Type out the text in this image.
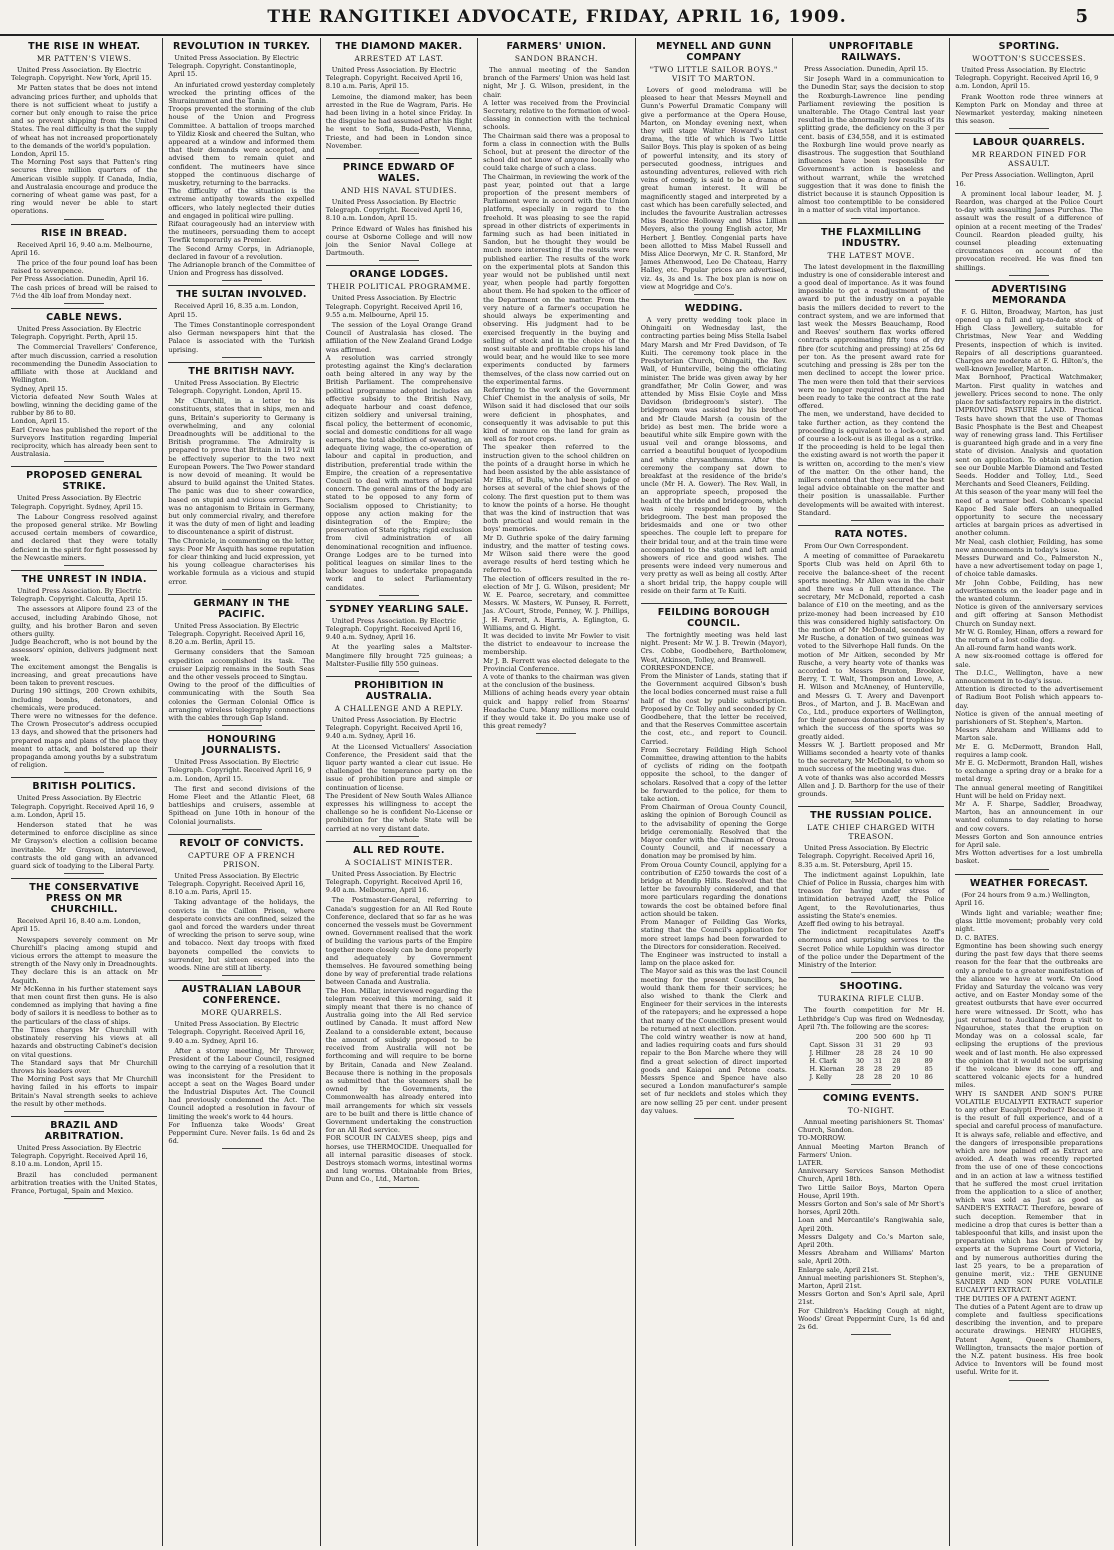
THE RANGITIKEI ADVOCATE, FRIDAY, APRIL 16, 1909.	5
THE RISE IN WHEAT.
MR PATTEN'S VIEWS.

United Press Association. By Electric Telegraph. Copyright. New York, April 15.

Mr Patten states that be does not intend advancing prices further, and upholds that there is not sufficient wheat to justify a corner but only enough to raise the price and so prevent shipping from the United States. The real difficulty is that the supply of wheat has not increased proportionately to the demands of the world's population.
London, April 15.
The Morning Post says that Patten's ring secures three million quarters of the American visible supply. If Canada, India, and Australasia encourage and produce the cornering of wheat game was past, for a ring would never be able to start operations.

RISE IN BREAD.

Received April 16, 9.40 a.m. Melbourne, April 16.

The price of the four pound loaf has been raised to sevenpence.
Per Press Association. Dunedin, April 16.
The cash prices of bread will be raised to 7½d the 4lb loaf from Monday next.

CABLE NEWS.

United Press Association. By Electric Telegraph. Copyright. Perth, April 15.

The Commercial Travellers' Conference, after much discussion, carried a resolution recommending the Dunedin Association to affiliate with those at Auckland and Wellington.
Sydney, April 15.
Victoria defeated New South Wales at bowling, winning the deciding game of the rubber by 86 to 80.
London, April 15.
Earl Crewe has published the report of the Surveyors Institution regarding Imperial reciprocity, which has already been sent to Australasia.

PROPOSED GENERAL STRIKE.

United Press Association. By Electric Telegraph. Copyright. Sydney, April 15.

The Labour Congress resolved against the proposed general strike. Mr Bowling accused certain members of cowardice, and declared that they were totally deficient in the spirit for fight possessed by the Newcastle miners.

THE UNREST IN INDIA.

United Press Association. By Electric Telegraph. Copyright. Calcutta, April 15.

The assessors at Alipore found 23 of the accused, including Arabindo Ghose, not guilty, and his brother Baron and seven others guilty.
Judge Beachcroft, who is not bound by the assessors' opinion, delivers judgment next week.
The excitement amongst the Bengalis is increasing, and great precautions have been taken to prevent rescues.
During 190 sittings, 200 Crown exhibits, including bombs, detonators, and chemicals, were produced.
There were no witnesses for the defence. The Crown Prosecutor's address occupied 13 days, and showed that the prisoners had prepared maps and plans of the place they meant to attack, and bolstered up their propaganda among youths by a substratum of religion.

BRITISH POLITICS.

United Press Association. By Electric Telegraph. Copyright. Received April 16, 9 a.m. London, April 15.

Henderson stated that he was determined to enforce discipline as since Mr Grayson's election a collision became inevitable. Mr Grayson, interviewed, contrasts the old gang with an advanced guard sick of toadying to the Liberal Party.

THE CONSERVATIVE PRESS ON MR CHURCHILL.

Received April 16, 8.40 a.m. London, April 15.

Newspapers severely comment on Mr Churchill's placing among stupid and vicious errors the attempt to measure the strength of the Navy only in Dreadnoughts. They declare this is an attack on Mr Asquith.
Mr McKenna in his further statement says that men count first then guns. He is also condemned as implying that having a fine body of sailors it is needless to bother as to the particulars of the class of ships.
The Times charges Mr Churchill with obstinately reserving his views at all hazards and obstructing Cabinet's decision on vital questions.
The Standard says that Mr Churchill throws his leaders over.
The Morning Post says that Mr Churchill having failed in his efforts to impair Britain's Naval strength seeks to achieve the result by other methods.

BRAZIL AND ARBITRATION.

United Press Association. By Electric Telegraph. Copyright. Received April 16, 8.10 a.m. London, April 15.

Brazil has concluded permanent arbitration treaties with the United States, France, Portugal, Spain and Mexico.

REVOLUTION IN TURKEY.

United Press Association. By Electric Telegraph. Copyright. Constantinople, April 15.

An infuriated crowd yesterday completely wrecked the printing offices of the Shurainummet and the Tanin.
Troops prevented the storming of the club house of the Union and Progress Committee. A battalion of troops marched to Yildiz Kiosk and cheered the Sultan, who appeared at a window and informed them that their demands were accepted, and advised them to remain quiet and confident. The mutineers have since stopped the continuous discharge of musketry, returning to the barracks.
The difficulty of the situation is the extreme antipathy towards the expelled officers, who lately neglected their duties and engaged in political wire pulling.
Rifaat courageously had an interview with the mutineers, persuading them to accept Tewfik temporarily as Premier.
The Second Army Corps, in Adrianople, declared in favour of a revolution.
The Adrianople branch of the Committee of Union and Progress has dissolved.

THE SULTAN INVOLVED.

Received April 16, 8.35 a.m. London, April 15.

The Times Constantinople correspondent also German newspapers hint that the Palace is associated with the Turkish uprising.

THE BRITISH NAVY.

United Press Association. By Electric Telegraph. Copyright. London, April 15.

Mr Churchill, in a letter to his constituents, states that in ships, men and guns, Britain's superiority to Germany is overwhelming, and any colonial Dreadnoughts will be additional to the British programme. The Admiralty is prepared to prove that Britain in 1912 will be effectively superior to the two next European Powers. The Two Power standard is now devoid of meaning. It would be absurd to build against the United States. The panic was due to sheer cowardice, based on stupid and vicious errors. There was no antagonism to Britain in Germany, but only commercial rivalry, and therefore it was the duty of men of light and leading to discountenance a spirit of distrust.
The Chronicle, in commenting on the letter, says: Poor Mr Asquith has some reputation for clear thinking and lucid expression, yet his young colleague characterises his workable formula as a vicious and stupid error.

GERMANY IN THE PACIFIC.

United Press Association. By Electric Telegraph. Copyright. Received April 16, 8.20 a.m. Berlin, April 15.

Germany considers that the Samoan expedition accomplished its task. The cruiser Leipzig remains in the South Seas and the other vessels proceed to Singtau.
Owing to the proof of the difficulties of communicating with the South Sea colonies the German Colonial Office is arranging wireless telegraphy connections with the cables through Gap Island.

HONOURING JOURNALISTS.

United Press Association. By Electric Telegraph. Copyright. Received April 16, 9 a.m. London, April 15.

The first and second divisions of the Home Fleet and the Atlantic Fleet, 68 battleships and cruisers, assemble at Spithead on June 10th in honour of the Colonial journalists.

REVOLT OF CONVICTS.
CAPTURE OF A FRENCH PRISON.

United Press Association. By Electric Telegraph. Copyright. Received April 16, 8.10 a.m. Paris, April 15.

Taking advantage of the holidays, the convicts in the Caillon Prison, where desperate convicts are confined, seized the gaol and forced the warders under threat of wrecking the prison to serve soup, wine and tobacco. Next day troops with fixed bayonets compelled the convicts to surrender, but sixteen escaped into the woods. Nine are still at liberty.

AUSTRALIAN LABOUR CONFERENCE.
MORE QUARRELS.

United Press Association. By Electric Telegraph. Copyright. Received April 16, 9.40 a.m. Sydney, April 16.

After a stormy meeting, Mr Thrower, President of the Labour Council, resigned owing to the carrying of a resolution that it was inconsistent for the President to accept a seat on the Wages Board under the Industrial Disputes Act. The Council had previously condemned the Act. The Council adopted a resolution in favour of limiting the week's work to 44 hours.
For Influenza take Woods' Great Peppermint Cure. Never fails. 1s 6d and 2s 6d.

THE DIAMOND MAKER.
ARRESTED AT LAST.

United Press Association. By Electric Telegraph. Copyright. Received April 16, 8.10 a.m. Paris, April 15.

Lemoine, the diamond maker, has been arrested in the Rue de Wagram, Paris. He had been living in a hotel since Friday. In the disguise he had assumed after his flight he went to Sofia, Buda-Pesth, Vienna, Trieste, and had been in London since November.

PRINCE EDWARD OF WALES.
AND HIS NAVAL STUDIES.

United Press Association. By Electric Telegraph. Copyright. Received April 16, 8.10 a.m. London, April 15.

Prince Edward of Wales has finished his course at Osborne College and will now join the Senior Naval College at Dartmouth.

ORANGE LODGES.
THEIR POLITICAL PROGRAMME.

United Press Association. By Electric Telegraph. Copyright. Received April 16, 9.55 a.m. Melbourne, April 15.

The session of the Loyal Orange Grand Council of Australasia has closed. The affiliation of the New Zealand Grand Lodge was affirmed.
A resolution was carried strongly protesting against the King's declaration oath being altered in any way by the British Parliament. The comprehensive political programme adopted includes an effective subsidy to the British Navy, adequate harbour and coast defence, citizen soldiery and universal training, fiscal policy, the betterment of economic, social and domestic conditions for all wage earners, the total abolition of sweating, an adequate living wage, the co-operation of labour and capital in production, and distribution, preferential trade within the Empire, the creation of a representative Council to deal with matters of Imperial concern. The general aims of the body are stated to be opposed to any form of Socialism opposed to Christianity; to oppose any action making for the disintegration of the Empire; the preservation of State rights; rigid exclusion from civil administration of all denominational recognition and influence. Orange Lodges are to be turned into political leagues on similar lines to the labour leagues to undertake propaganda work and to select Parliamentary candidates.

SYDNEY YEARLING SALE.

United Press Association. By Electric Telegraph. Copyright. Received April 16, 9.40 a.m. Sydney, April 16.

At the yearling sales a Maltster-Mangimere filly brought 725 guineas; a Maltster-Fusilie filly 550 guineas.

PROHIBITION IN AUSTRALIA.
A CHALLENGE AND A REPLY.

United Press Association. By Electric Telegraph. Copyright. Received April 16, 9.40 a.m. Sydney, April 16.

At the Licensed Victuallers' Association Conference, the President said that the liquor party wanted a clear cut issue. He challenged the temperance party on the issue of prohibition pure and simple or continuation of license.
The President of New South Wales Alliance expresses his willingness to accept the challenge so he is confident No-License or prohibition for the whole State will be carried at no very distant date.

ALL RED ROUTE.
A SOCIALIST MINISTER.

United Press Association. By Electric Telegraph. Copyright. Received April 16, 9.40 a.m. Melbourne, April 16.

The Postmaster-General, referring to Canada's suggestion for an All Red Route Conference, declared that so far as he was concerned the vessels must be Government owned. Government realised that the work of building the various parts of the Empire together more closely can be done properly and adequately by Government themselves. He favoured something being done by way of preferential trade relations between Canada and Australia.
The Hon. Millar, interviewed regarding the telegram received this morning, said it simply meant that there is no chance of Australia going into the All Red service outlined by Canada. It must afford New Zealand to a considerable extent, because the amount of subsidy proposed to be received from Australia will not be forthcoming and will require to be borne by Britain, Canada and New Zealand. Because there is nothing in the proposals as submitted that the steamers shall be owned by the Governments, the Commonwealth has already entered into mail arrangements for which six vessels are to be built and there is little chance of Government undertaking the construction for an All Red service.
FOR SCOUR IN CALVES sheep, pigs and horses, use THERMOCIDE. Unequalled for all internal parasitic diseases of stock. Destroys stomach worms, intestinal worms and lung worms. Obtainable from Bries, Dunn and Co., Ltd., Marton.

FARMERS' UNION.
SANDON BRANCH.

The annual meeting of the Sandon branch of the Farmers' Union was held last night, Mr J. G. Wilson, president, in the chair.
A letter was received from the Provincial Secretary, relative to the formation of wool-classing in connection with the technical schools.
The Chairman said there was a proposal to form a class in connection with the Bulls School, but at present the director of the school did not know of anyone locally who could take charge of such a class.
The Chairman, in reviewing the work of the past year, pointed out that a large proportion of the present members of Parliament were in accord with the Union platform, especially in regard to the freehold. It was pleasing to see the rapid spread in other districts of experiments in farming such as had been initiated in Sandon, but he thought they would be much more interesting if the results were published earlier. The results of the work on the experimental plots at Sandon this year would not be published until next year, when people had partly forgotten about them. He had spoken to the officer of the Department on the matter. From the very nature of a farmer's occupation he should always be experimenting and observing. His judgment had to be exercised frequently in the buying and selling of stock and in the choice of the most suitable and profitable crops his land would bear, and he would like to see more experiments conducted by farmers themselves, of the class now carried out on the experimental farms.
Referring to the work of the Government Chief Chemist in the analysis of soils, Mr Wilson said it had disclosed that our soils were deficient in phosphates, and consequently it was advisable to put this kind of manure on the land for grain as well as for root crops.
The speaker then referred to the instruction given to the school children on the points of a draught horse in which he had been assisted by the able assistance of Mr Ellis, of Bulls, who had been judge of horses at several of the chief shows of the colony. The first question put to them was to know the points of a horse. He thought that was the kind of instruction that was both practical and would remain in the boys' memories.
Mr D. Guthrie spoke of the dairy farming industry, and the matter of testing cows. Mr Wilson said there were the good average results of herd testing which he referred to.
The election of officers resulted in the re-election of Mr J. G. Wilson, president; Mr W. E. Pearce, secretary, and committee Messrs. W. Masters, W. Punsey, R. Ferrett, Jas. A'Court, Strode, Penney, W. J. Phillips, J. H. Ferrett, A. Harris, A. Eglington, G. Williams, and G. Hight.
It was decided to invite Mr Fowler to visit the district to endeavour to increase the membership.
Mr J. B. Ferrett was elected delegate to the Provincial Conference.
A vote of thanks to the chairman was given at the conclusion of the business.
Millions of aching heads every year obtain quick and happy relief from Stearns' Headache Cure. Many millions more could if they would take it. Do you make use of this great remedy?

MEYNELL AND GUNN COMPANY
"TWO LITTLE SAILOR BOYS." VISIT TO MARTON.

Lovers of good melodrama will be pleased to hear that Messrs Meynell and Gunn's Powerful Dramatic Company will give a performance at the Opera House, Marton, on Monday evening next, when they will stage Walter Howard's latest drama, the title of which is Two Little Sailor Boys. This play is spoken of as being of powerful intensity, and its story of persecuted goodness, intrigues and astounding adventures, relieved with rich veins of comedy, is said to be a drama of great human interest. It will be magnificently staged and interpreted by a cast which has been carefully selected, and includes the favourite Australian actresses Miss Beatrice Holloway and Miss Lillian Meyers, also the young English actor, Mr Herbert J. Bentley. Congenial parts have been allotted to Miss Mabel Russell and Miss Alice Deorwyn, Mr C. R. Stanford, Mr James Athenwood, Leo De Chateau, Harry Halley, etc. Popular prices are advertised, viz. 4s, 3s and 1s. The box plan is now on view at Mogridge and Co's.

WEDDING.

A very pretty wedding took place in Ohingaiti on Wednesday last, the contracting parties being Miss Stella Isabel Mary Marsh and Mr Fred Davidson, of Te Kuiti. The ceremony took place in the Presbyterian Church, Ohingaiti, the Rev. Wall, of Hunterville, being the officiating minister. The bride was given away by her grandfather, Mr Colin Gower, and was attended by Miss Elsie Coyle and Miss Davidson (bridegroom's sister). The bridegroom was assisted by his brother and Mr Claude Marsh (a cousin of the bride) as best men. The bride wore a beautiful white silk Empire gown with the usual veil and orange blossoms, and carried a beautiful bouquet of lycopodium and white chrysanthemums. After the ceremony the company sat down to breakfast at the residence of the bride's uncle (Mr H. A. Gower). The Rev. Wall, in an appropriate speech, proposed the health of the bride and bridegroom, which was nicely responded to by the bridegroom. The best man proposed the bridesmaids and one or two other speeches. The couple left to prepare for their bridal tour, and at the train time were accompanied to the station and left amid showers of rice and good wishes. The presents were indeed very numerous and very pretty as well as being all costly. After a short bridal trip, the happy couple will reside on their farm at Te Kuiti.

FEILDING BOROUGH COUNCIL.

The fortnightly meeting was held last night. Present: Mr W. J. B. Trewin (Mayor), Crs. Cobbe, Goodbehere, Bartholomew, West, Atkinson, Tolley, and Bramwell.
CORRESPONDENCE.
From the Minister of Lands, stating that if the Government acquired Gibson's bush the local bodies concerned must raise a full half of the cost by public subscription. Proposed by Cr. Tolley and seconded by Cr. Goodbehere, that the letter be received, and that the Reserves Committee ascertain the cost, etc., and report to Council. Carried.
From Secretary Feilding High School Committee, drawing attention to the habits of cyclists of riding on the footpath opposite the school, to the danger of scholars. Resolved that a copy of the letter be forwarded to the police, for them to take action.
From Chairman of Oroua County Council, asking the opinion of Borough Council as to the advisability of opening the Gorge bridge ceremonially. Resolved that the Mayor confer with the Chairman of Oroua County Council, and if necessary a donation may be promised by him.
From Oroua County Council, applying for a contribution of £250 towards the cost of a bridge at Mendip Hills. Resolved that the letter be favourably considered, and that more particulars regarding the donations towards the cost be obtained before final action should be taken.
From Manager of Feilding Gas Works, stating that the Council's application for more street lamps had been forwarded to the Directors for consideration. Received.
The Engineer was instructed to install a lamp on the place asked for.
The Mayor said as this was the last Council meeting for the present Councillors, he would thank them for their services; he also wished to thank the Clerk and Engineer for their services in the interests of the ratepayers; and he expressed a hope that many of the Councillors present would be returned at next election.
The cold wintry weather is now at hand, and ladies requiring coats and furs should repair to the Bon Marche where they will find a great selection of direct imported goods and Kaiapoi and Petone coats. Messrs Spence and Spence have also secured a London manufacturer's sample set of fur necklets and stoles which they are now selling 25 per cent. under present day values.

UNPROFITABLE RAILWAYS.

Press Association. Dunedin, April 15.

Sir Joseph Ward in a communication to the Dunedin Star, says the decision to stop the Roxburgh-Lawrence line pending Parliament reviewing the position is unalterable. The Otago Central last year resulted in the abnormally low results of its splitting grade, the deficiency on the 3 per cent. basis of £34,558, and it is estimated the Roxburgh line would prove nearly as disastrous. The suggestion that Southland influences have been responsible for Government's action is baseless and without warrant, while the wretched suggestion that it was done to finish the district because it is staunch Opposition is almost too contemptible to be considered in a matter of such vital importance.

THE FLAXMILLING INDUSTRY.
THE LATEST MOVE.

The latest development in the flaxmilling industry is one of considerable interest and a good deal of importance. As it was found impossible to get a readjustment of the award to put the industry on a payable basis the millers decided to revert to the contract system, and we are informed that last week the Messrs Beauchamp, Rood and Reeves' southern flax works offered contracts approximating fifty tons of dry fibre (for scutching and pressing) at 25s 6d per ton. As the present award rate for scutching and pressing is 28s per ton the men declined to accept the lower price. The men were then told that their services were no longer required as the firm had been ready to take the contract at the rate offered.
The men, we understand, have decided to take further action, as they contend the proceeding is equivalent to a lock-out, and of course a lock-out is as illegal as a strike. If the proceeding is held to be legal then the existing award is not worth the paper it is written on, according to the men's view of the matter. On the other hand, the millers contend that they secured the best legal advice obtainable on the matter and their position is unassailable. Further developments will be awaited with interest. Standard.

RATA NOTES.

From Our Own Correspondent.

A meeting of committee of Paraekaretu Sports Club was held on April 6th to receive the balance-sheet of the recent sports meeting. Mr Allen was in the chair and there was a full attendance. The secretary, Mr McDonald, reported a cash balance of £10 on the meeting, and as the prize-money had been increased by £10 this was considered highly satisfactory. On the motion of Mr McDonald, seconded by Mr Rusche, a donation of two guineas was voted to the Silverhope Hall funds. On the motion of Mr Aitken, seconded by Mr Rusche, a very hearty vote of thanks was accorded to Messrs Brunton, Brooker, Berry, T. T. Walt, Thompson and Lowe, A. H. Wilson and McAneney, of Hunterville, and Messrs G. T. Avery and Davenport Bros., of Marton, and J. B. MacEwan and Co., Ltd., produce exporters of Wellington, for their generous donations of trophies by which the success of the sports was so greatly aided.
Messrs W. J. Bartlett proposed and Mr Williams seconded a hearty vote of thanks to the secretary, Mr McDonald, to whom so much success of the meeting was due.
A vote of thanks was also accorded Messrs Allen and J. D. Barthorp for the use of their grounds.

THE RUSSIAN POLICE.
LATE CHIEF CHARGED WITH TREASON.

United Press Association. By Electric Telegraph. Copyright. Received April 16, 8.35 a.m. St. Petersburg, April 15.

The indictment against Lopukhin, late Chief of Police in Russia, charges him with treason for having under stress of intimidation betrayed Azeff, the Police Agent, to the Revolutionaries, thus assisting the State's enemies.
Azeff fled owing to his betrayal.
The indictment recapitulates Azeff's enormous and surprising services to the Secret Police while Lopukhin was director of the police under the Department of the Ministry of the Interior.

SHOOTING.
TURAKINA RIFLE CLUB.

The fourth competition for Mr H. Lethbridge's Cup was fired on Wednesday, April 7th. The following are the scores:

	200	500	600	hp	Tl
Capt. Sisson	31	31	29		93
J. Hillmer	28	28	24	10	90
H. Clark	30	31	28		89
H. Kiernan	28	28	29		85
J. Kelly	28	28	20	10	86
COMING EVENTS.
TO-NIGHT.

Annual meeting parishioners St. Thomas' Church, Sandon.
TO-MORROW.
Annual Meeting Marton Branch of Farmers' Union.
LATER.
Anniversary Services Sanson Methodist Church, April 18th.
Two Little Sailor Boys, Marton Opera House, April 19th.
Messrs Gorton and Son's sale of Mr Short's horses, April 20th.
Loan and Mercantile's Rangiwahia sale, April 20th.
Messrs Dalgety and Co.'s Marton sale, April 20th.
Messrs Abraham and Williams' Marton sale, April 20th.
Enlarge sale, April 21st.
Annual meeting parishioners St. Stephen's, Marton, April 21st.
Messrs Gorton and Son's April sale, April 21st.
For Children's Hacking Cough at night, Woods' Great Peppermint Cure, 1s 6d and 2s 6d.

SPORTING.
WOOTTON'S SUCCESSES.

United Press Association. By Electric Telegraph. Copyright. Received April 16, 9 a.m. London, April 15.

Frank Wootton rode three winners at Kempton Park on Monday and three at Newmarket yesterday, making nineteen this season.

LABOUR QUARRELS.
MR REARDON FINED FOR ASSAULT.

Per Press Association. Wellington, April 16.

A prominent local labour leader, M. J. Reardon, was charged at the Police Court to-day with assaulting James Purchas. The assault was the result of a difference of opinion at a recent meeting of the Trades' Council. Reardon pleaded guilty, his counsel pleading extenuating circumstances on account of the provocation received. He was fined ten shillings.

ADVERTISING MEMORANDA

F. G. Hilton, Broadway, Marton, has just opened up a full and up-to-date stock of High Class Jewellery, suitable for Christmas, New Year and Wedding Presents, inspection of which is invited. Repairs of all descriptions guaranteed. Charges are moderate at F. G. Hilton's, the well-known Jeweller, Marton.
Max Bornhoof, Practical Watchmaker, Marton. First quality in watches and jewellery. Prices second to none. The only place for satisfactory repairs in the district.
IMPROVING PASTURE LAND. Practical Tests have shown that the use of Thomas Basic Phosphate is the Best and Cheapest way of renewing grass land. This Fertiliser is guaranteed high grade and in a very fine state of division. Analysis and quotation sent on application. To obtain satisfaction see our Double Marble Diamond and Tested Seeds. Hodder and Tolley, Ltd., Seed Merchants and Seed Cleaners, Feilding.
At this season of the year many will feel the need of a warmer bed. Cobbcan's special Kapoc Bed Sale offers an unequalled opportunity to secure the necessary articles at bargain prices as advertised in another column.
Mr Neal, cash clothier, Feilding, has some new announcements in today's issue.
Messrs Durward and Co., Palmerston N., have a new advertisement today on page 1, of choice table damasks.
Mr John Cobbe, Feilding, has new advertisements on the leader page and in the wanted column.
Notice is given of the anniversary services and gift offering at Sanson Methodist Church on Sunday next.
Mr W. G. Romley, Hinan, offers a reward for the return of a lost collie dog.
An all-round farm hand wants work.
A new six-roomed cottage is offered for sale.
The D.I.C., Wellington, have a new announcement in to-day's issue.
Attention is directed to the advertisement of Radium Boot Polish which appears to-day.
Notice is given of the annual meeting of parishioners of St. Stephen's, Marton.
Messrs Abraham and Williams add to Marton sale.
Mr E. G. McDermott, Brandon Hall, requires a lamp cook.
Mr E. G. McDermott, Brandon Hall, wishes to exchange a spring dray or a brake for a metal dray.
The annual general meeting of Rangitikei Hunt will be held on Friday next.
Mr A. F. Sharpe, Saddler, Broadway, Marton, has an announcement in our wanted columns to day relating to horse and cow covers.
Messrs Gorton and Son announce entries for April sale.
Mrs Wotton advertises for a lost umbrella basket.

WEATHER FORECAST.

(For 24 hours from 9 a.m.) Wellington, April 16.

Winds light and variable; weather fine; glass little movement; probably very cold night.
D. C. BATES.
Egmontine has been showing such energy during the past few days that there seems reason for the fear that the outbreaks are only a prelude to a greater manifestation of the aliance we have at work. On Good Friday and Saturday the volcano was very active, and on Easter Monday some of the greatest outbursts that have ever occurred here were witnessed. Dr Scott, who has just returned to Auckland from a visit to Ngauruhoe, states that the eruption on Monday was on a colossal scale, far eclipsing the eruptions of the previous week and of last month. He also expressed the opinion that it would not be surprising if the volcano blew its cone off, and scattered volcanic ejects for a hundred miles.
WHY IS SANDER AND SON'S PURE VOLATILE EUCALYPTI EXTRACT superior to any other Eucalypti Product? Because it is the result of full experience, and of a special and careful process of manufacture. It is always safe, reliable and effective, and the dangers of irresponsible preparations which are now palmed off as Extract are avoided. A death was recently reported from the use of one of these concoctions and in an action at law a witness testified that he suffered the most cruel irritation from the application to a slice of another, which was sold as Just as good as SANDER'S EXTRACT. Therefore, beware of such deception. Remember that in medicine a drop that cures is better than a tablespoonful that kills, and insist upon the preparation which has been proved by experts at the Supreme Court of Victoria, and by numerous authorities during the last 25 years, to be a preparation of genuine merit, viz.: THE GENUINE SANDER AND SON PURE VOLATILE EUCALYPTI EXTRACT.
THE DUTIES OF A PATENT AGENT.
The duties of a Patent Agent are to draw up complete and faultless specifications describing the invention, and to prepare accurate drawings. HENRY HUGHES, Patent Agent, Queen's Chambers, Wellington, transacts the major portion of the N.Z. patent business. His free book Advice to Inventors will be found most useful. Write for it.
